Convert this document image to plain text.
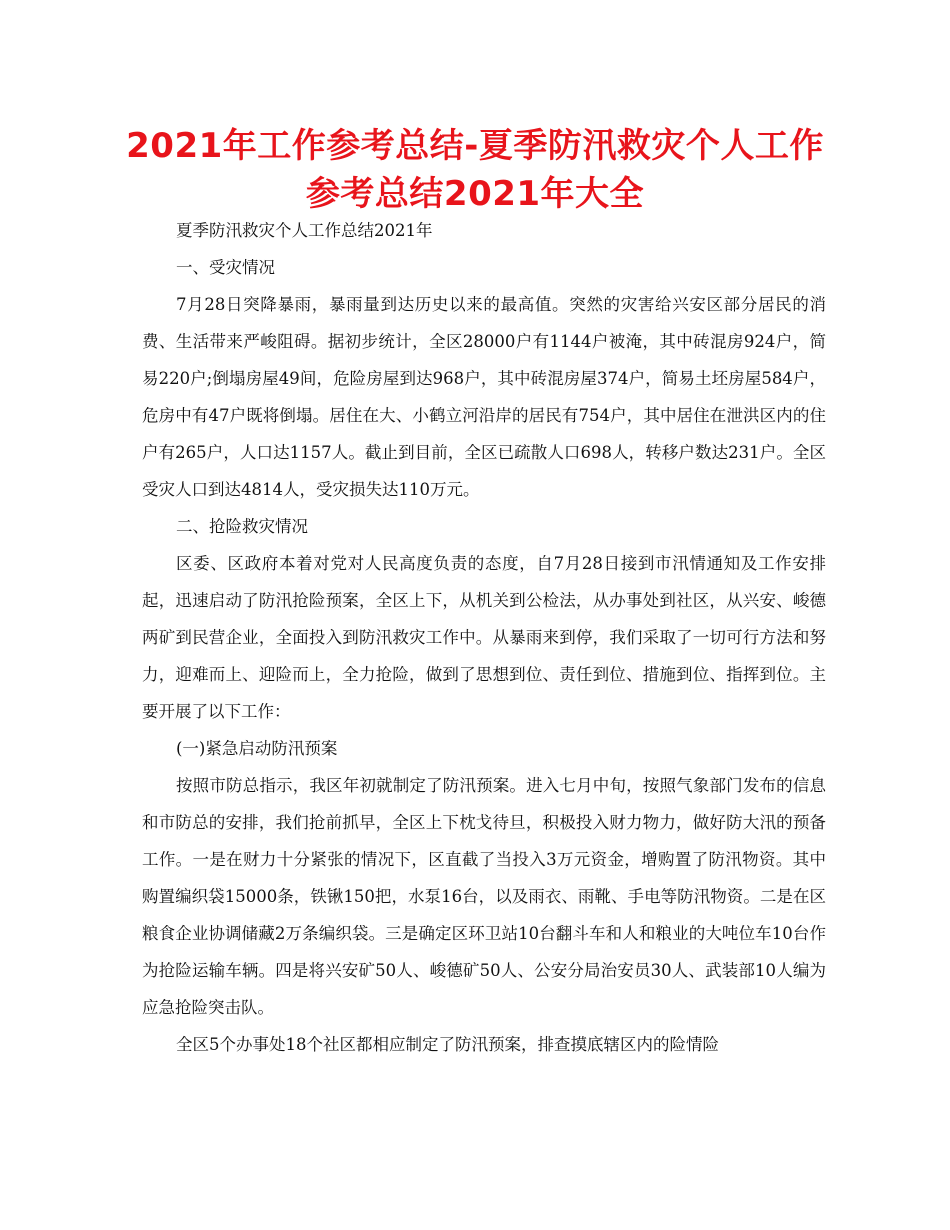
2021年工作参考总结-夏季防汛救灾个人工作参考总结2021年大全

夏季防汛救灾个人工作总结2021年

一、受灾情况

7月28日突降暴雨，暴雨量到达历史以来的最高值。突然的灾害给兴安区部分居民的消费、生活带来严峻阻碍。据初步统计，全区28000户有1144户被淹，其中砖混房924户，简易220户;倒塌房屋49间，危险房屋到达968户，其中砖混房屋374户，简易土坯房屋584户，危房中有47户既将倒塌。居住在大、小鹤立河沿岸的居民有754户，其中居住在泄洪区内的住户有265户，人口达1157人。截止到目前，全区已疏散人口698人，转移户数达231户。全区受灾人口到达4814人，受灾损失达110万元。

二、抢险救灾情况

区委、区政府本着对党对人民高度负责的态度，自7月28日接到市汛情通知及工作安排起，迅速启动了防汛抢险预案，全区上下，从机关到公检法，从办事处到社区，从兴安、峻德两矿到民营企业，全面投入到防汛救灾工作中。从暴雨来到停，我们采取了一切可行方法和努力，迎难而上、迎险而上，全力抢险，做到了思想到位、责任到位、措施到位、指挥到位。主要开展了以下工作：

(一)紧急启动防汛预案

按照市防总指示，我区年初就制定了防汛预案。进入七月中旬，按照气象部门发布的信息和市防总的安排，我们抢前抓早，全区上下枕戈待旦，积极投入财力物力，做好防大汛的预备工作。一是在财力十分紧张的情况下，区直截了当投入3万元资金，增购置了防汛物资。其中购置编织袋15000条，铁锹150把，水泵16台，以及雨衣、雨靴、手电等防汛物资。二是在区粮食企业协调储藏2万条编织袋。三是确定区环卫站10台翻斗车和人和粮业的大吨位车10台作为抢险运输车辆。四是将兴安矿50人、峻德矿50人、公安分局治安员30人、武装部10人编为应急抢险突击队。

全区5个办事处18个社区都相应制定了防汛预案，排查摸底辖区内的险情险
